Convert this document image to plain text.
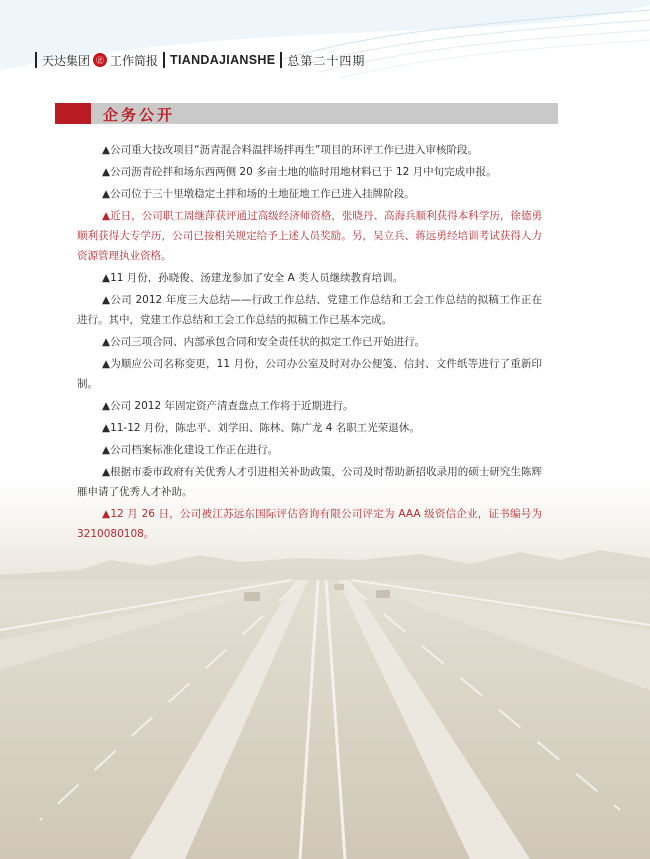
天达集团 ㊣ 工作简报 TIANDAJIANSHE 总第二十四期
企务公开

▲公司重大技改项目“沥青混合料温拌场拌再生”项目的环评工作已进入审核阶段。

▲公司沥青砼拌和场东西两侧 20 多亩土地的临时用地材料已于 12 月中旬完成申报。

▲公司位于三十里墩稳定土拌和场的土地征地工作已进入挂牌阶段。

▲近日，公司职工周继萍获评通过高级经济师资格，张晓丹、高海兵顺利获得本科学历，徐德勇顺利获得大专学历，公司已按相关规定给予上述人员奖励。另，吴立兵、蒋远勇经培训考试获得人力资源管理执业资格。

▲11 月份，孙晓俊、汤建龙参加了安全 A 类人员继续教育培训。

▲公司 2012 年度三大总结——行政工作总结、党建工作总结和工会工作总结的拟稿工作正在进行。其中，党建工作总结和工会工作总结的拟稿工作已基本完成。

▲公司三项合同、内部承包合同和安全责任状的拟定工作已开始进行。

▲为顺应公司名称变更，11 月份，公司办公室及时对办公便笺、信封、文件纸等进行了重新印制。

▲公司 2012 年固定资产清查盘点工作将于近期进行。

▲11-12 月份，陈忠平、刘学田、陈林、陈广龙 4 名职工光荣退休。

▲公司档案标准化建设工作正在进行。

▲根据市委市政府有关优秀人才引进相关补助政策，公司及时帮助新招收录用的硕士研究生陈辉雁申请了优秀人才补助。

▲12 月 26 日，公司被江苏远东国际评估咨询有限公司评定为 AAA 级资信企业，证书编号为 3210080108。
